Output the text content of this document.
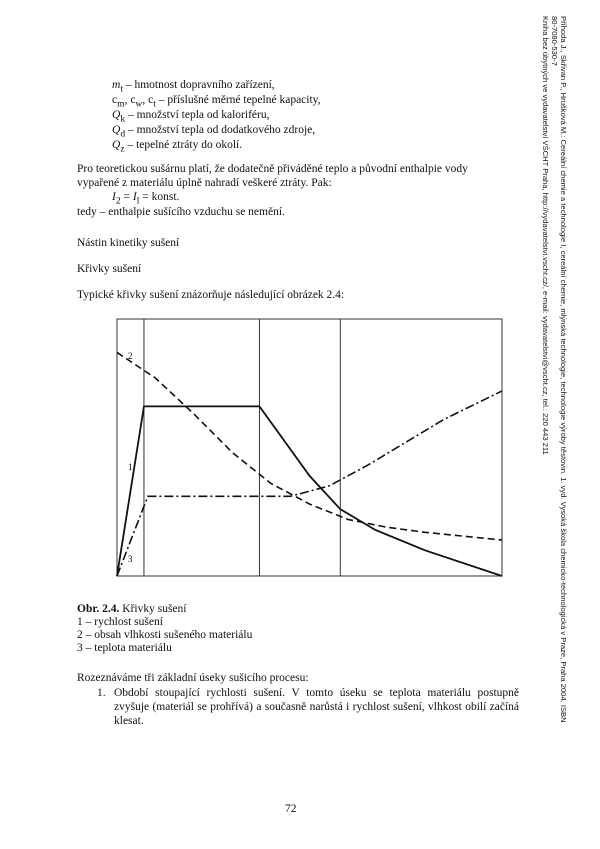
$m_t$ – hmotnost dopravního zařízení,
$c_m$, $c_w$, $c_t$ – příslušné měrné tepelné kapacity,
$Q_k$ – množství tepla od kaloriféru,
$Q_d$ – množství tepla od dodatkového zdroje,
$Q_z$ – tepelné ztráty do okolí.
Pro teoretickou sušárnu platí, že dodatečně přiváděné teplo a původní enthalpie vody
vypařené z materiálu úplně nahradí veškeré ztráty. Pak:
$I_2 = I_l$ = konst.
tedy – enthalpie sušícího vzduchu se nemění.
Nástin kinetiky sušení
Křivky sušení
Typické křivky sušení znázorňuje následující obrázek 2.4:
1
2
3
Obr. 2.4. Křivky sušení
1 – rychlost sušení
2 – obsah vlhkosti sušeného materiálu
3 – teplota materiálu
Rozeznáváme tři základní úseky sušicího procesu:
1. Období stoupající rychlosti sušení. V tomto úseku se teplota materiálu postupně zvyšuje (materiál se prohřívá) a současně narůstá i rychlost sušení, vlhkost obilí začíná klesat.
72
Příhoda J., Skřivan P., Hrušková M.: Cereální chemie a technologie I, cereální chemie, mlýnská technologie, technologie výroby těstovin. 1. vyd. Vysoká škola chemicko-technologická v Praze, Praha 2004. ISBN
80-7080-530-7
Kniha bez úbytných ve vydavatelství VŠCHT Praha, http://vydavatelstvi.vscht.cz/, e-mail: vydavatelstvi@vscht.cz, tel.: 220 443 211
